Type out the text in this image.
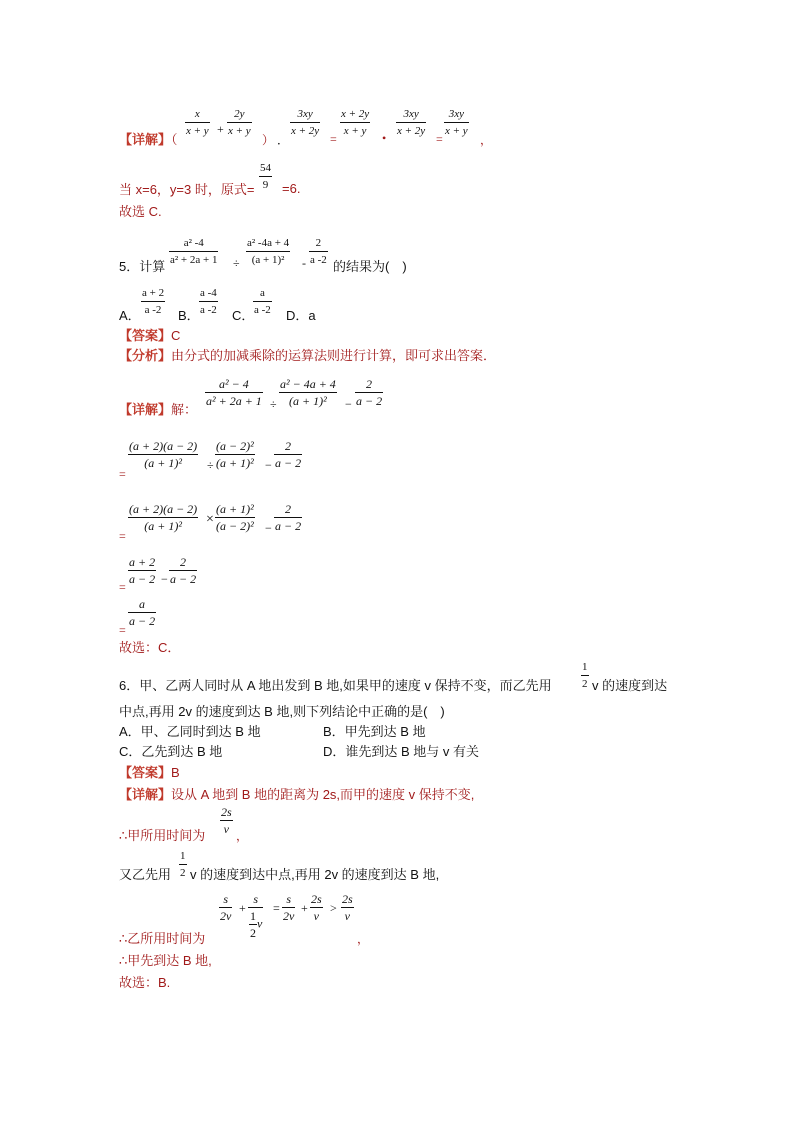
【详解】（
x
x + y +
2y
x + y
） ．
3xy
x + 2y
=
x + 2y
x + y	•
3xy
x + 2y
=
3xy
x + y
，
当 x=6，y=3 时，原式=
54
9 =6.
故选 C.
5．计算
a² -4
a² + 2a + 1 ÷
a² -4a + 4
(a + 1)²	-
2
a -2 的结果为(　)
A．
a + 2
a -2 B．
a -4
a -2 C．
a
a -2 D．a
【答案】C
【分析】由分式的加减乘除的运算法则进行计算，即可求出答案．
【详解】解：
a² − 4
a² + 2a + 1 ÷
a² − 4a + 4
(a + 1)²	−
2
a − 2
=
(a + 2)(a − 2)
(a + 1)²	÷
(a − 2)²
(a + 1)² −
2
a − 2
=
(a + 2)(a − 2)
(a + 1)²	×
(a + 1)²
(a − 2)² −
2
a − 2
=
a + 2
a − 2 −
2
a − 2
=
a
a − 2
故选：C．
6．甲、乙两人同时从 A 地出发到 B 地,如果甲的速度 v 保持不变，而乙先用
1
2 v 的速度到达
中点,再用 2v 的速度到达 B 地,则下列结论中正确的是(　)
A．甲、乙同时到达 B 地	B．甲先到达 B 地
C．乙先到达 B 地	D．谁先到达 B 地与 v 有关
【答案】B
【详解】设从 A 地到 B 地的距离为 2s,而甲的速度 v 保持不变,
∴甲所用时间为
2s
v ，
又乙先用
1
2 v 的速度到达中点,再用 2v 的速度到达 B 地,
s
2v
+
s
$\frac{1}{2}$ v
=
s
2v
+
2s
v
>
2s
v
∴乙所用时间为	，
∴甲先到达 B 地,
故选：B.
